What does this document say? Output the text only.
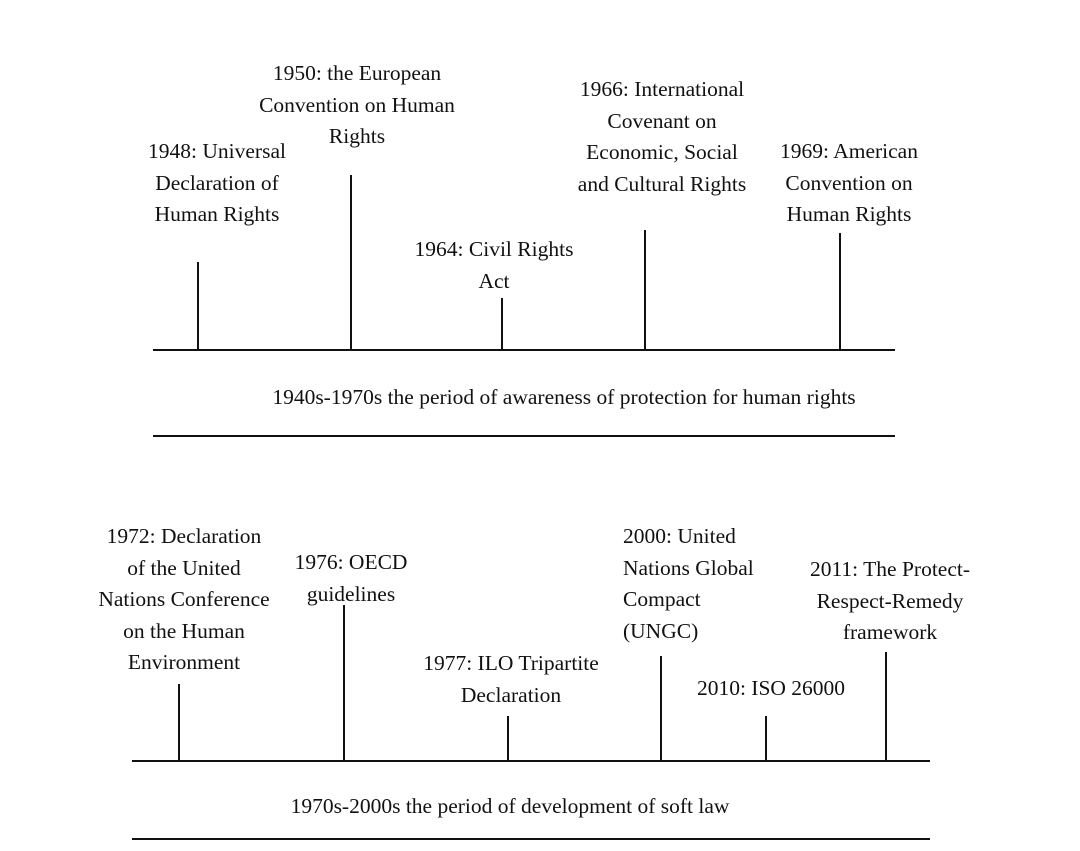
1948: Universal
Declaration of
Human Rights
1950: the European
Convention on Human
Rights
1964: Civil Rights
Act
1966: International
Covenant on
Economic, Social
and Cultural Rights
1969: American
Convention on
Human Rights
1940s-1970s the period of awareness of protection for human rights
1972: Declaration
of the United
Nations Conference
on the Human
Environment
1976: OECD
guidelines
1977: ILO Tripartite
Declaration
2000: United
Nations Global
Compact
(UNGC)
2010: ISO 26000
2011: The Protect-
Respect-Remedy
framework
1970s-2000s the period of development of soft law
